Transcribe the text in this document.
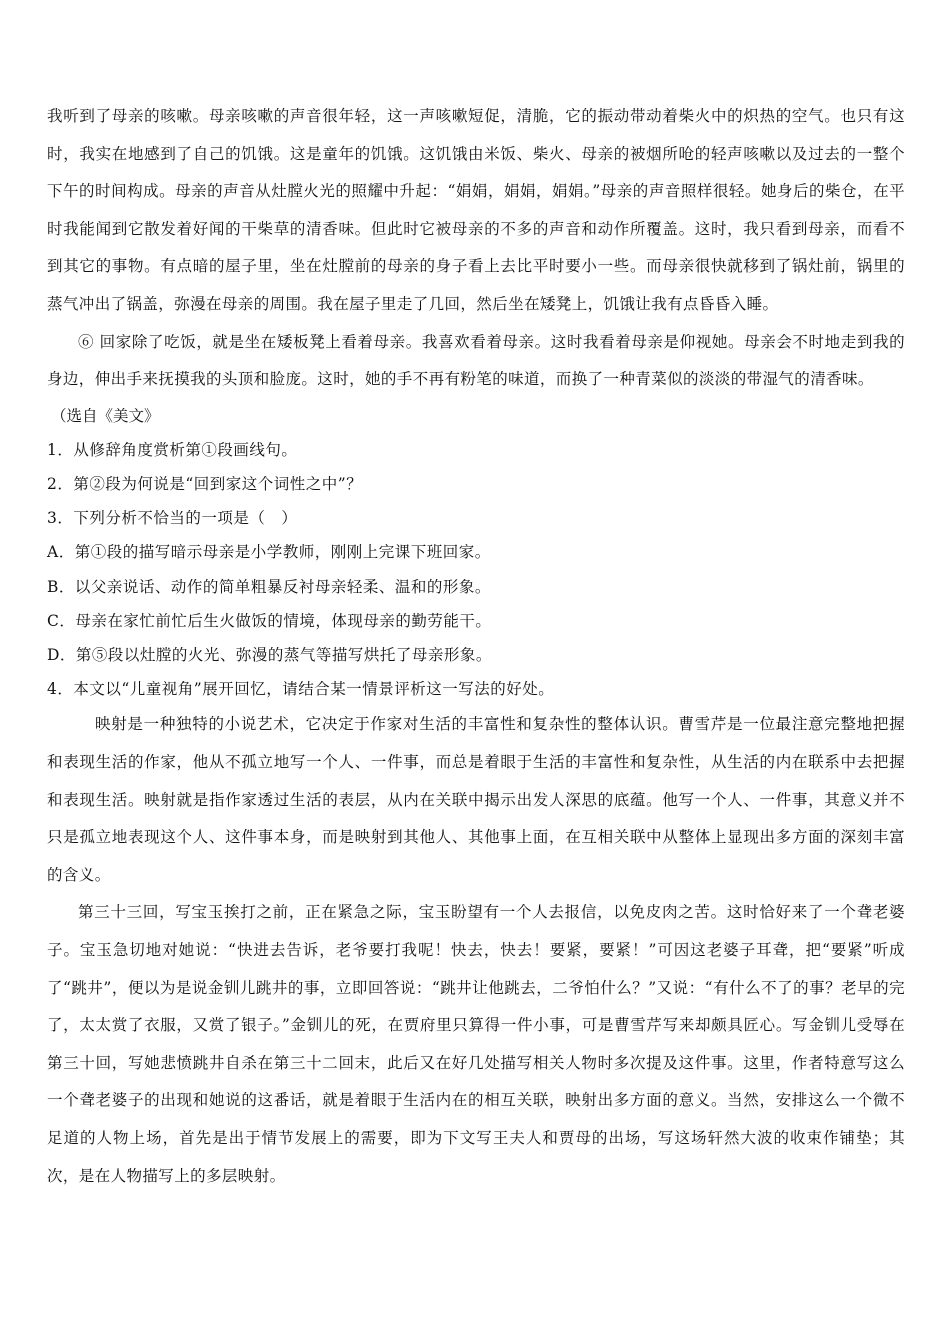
我听到了母亲的咳嗽。母亲咳嗽的声音很年轻，这一声咳嗽短促，清脆，它的振动带动着柴火中的炽热的空气。也只有这时，我实在地感到了自己的饥饿。这是童年的饥饿。这饥饿由米饭、柴火、母亲的被烟所呛的轻声咳嗽以及过去的一整个下午的时间构成。母亲的声音从灶膛火光的照耀中升起：“娟娟，娟娟，娟娟。”母亲的声音照样很轻。她身后的柴仓，在平时我能闻到它散发着好闻的干柴草的清香味。但此时它被母亲的不多的声音和动作所覆盖。这时，我只看到母亲，而看不到其它的事物。有点暗的屋子里，坐在灶膛前的母亲的身子看上去比平时要小一些。而母亲很快就移到了锅灶前，锅里的蒸气冲出了锅盖，弥漫在母亲的周围。我在屋子里走了几回，然后坐在矮凳上，饥饿让我有点昏昏入睡。

⑥ 回家除了吃饭，就是坐在矮板凳上看着母亲。我喜欢看着母亲。这时我看着母亲是仰视她。母亲会不时地走到我的身边，伸出手来抚摸我的头顶和脸庞。这时，她的手不再有粉笔的味道，而换了一种青菜似的淡淡的带湿气的清香味。

（选自《美文》

1．从修辞角度赏析第①段画线句。

2．第②段为何说是“回到家这个词性之中”？

3．下列分析不恰当的一项是（　）

A．第①段的描写暗示母亲是小学教师，刚刚上完课下班回家。

B．以父亲说话、动作的简单粗暴反衬母亲轻柔、温和的形象。

C．母亲在家忙前忙后生火做饭的情境，体现母亲的勤劳能干。

D．第⑤段以灶膛的火光、弥漫的蒸气等描写烘托了母亲形象。

4．本文以“儿童视角”展开回忆，请结合某一情景评析这一写法的好处。

映射是一种独特的小说艺术，它决定于作家对生活的丰富性和复杂性的整体认识。曹雪芹是一位最注意完整地把握和表现生活的作家，他从不孤立地写一个人、一件事，而总是着眼于生活的丰富性和复杂性，从生活的内在联系中去把握和表现生活。映射就是指作家透过生活的表层，从内在关联中揭示出发人深思的底蕴。他写一个人、一件事，其意义并不只是孤立地表现这个人、这件事本身，而是映射到其他人、其他事上面，在互相关联中从整体上显现出多方面的深刻丰富的含义。

第三十三回，写宝玉挨打之前，正在紧急之际，宝玉盼望有一个人去报信，以免皮肉之苦。这时恰好来了一个聋老婆子。宝玉急切地对她说：“快进去告诉，老爷要打我呢！快去，快去！要紧，要紧！”可因这老婆子耳聋，把“要紧”听成了“跳井”，便以为是说金钏儿跳井的事，立即回答说：“跳井让他跳去，二爷怕什么？”又说：“有什么不了的事？老早的完了，太太赏了衣服，又赏了银子。”金钏儿的死，在贾府里只算得一件小事，可是曹雪芹写来却颇具匠心。写金钏儿受辱在第三十回，写她悲愤跳井自杀在第三十二回末，此后又在好几处描写相关人物时多次提及这件事。这里，作者特意写这么一个聋老婆子的出现和她说的这番话，就是着眼于生活内在的相互关联，映射出多方面的意义。当然，安排这么一个微不足道的人物上场，首先是出于情节发展上的需要，即为下文写王夫人和贾母的出场，写这场轩然大波的收束作铺垫；其次，是在人物描写上的多层映射。
